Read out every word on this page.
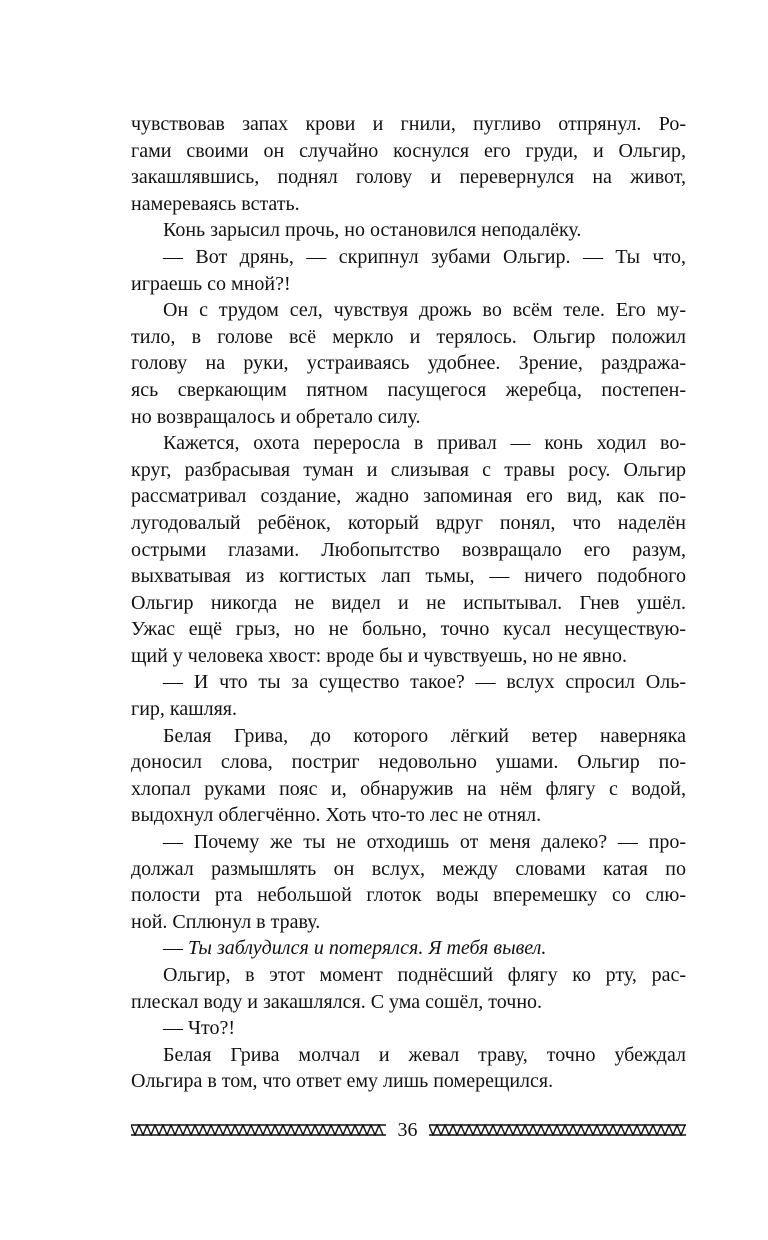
чувствовав запах крови и гнили, пугливо отпрянул. Ро-
гами своими он случайно коснулся его груди, и Ольгир,
закашлявшись, поднял голову и перевернулся на живот,
намереваясь встать.
Конь зарысил прочь, но остановился неподалёку.
— Вот дрянь, — скрипнул зубами Ольгир. — Ты что,
играешь со мной?!
Он с трудом сел, чувствуя дрожь во всём теле. Его му-
тило, в голове всё меркло и терялось. Ольгир положил
голову на руки, устраиваясь удобнее. Зрение, раздража-
ясь сверкающим пятном пасущегося жеребца, постепен-
но возвращалось и обретало силу.
Кажется, охота переросла в привал — конь ходил во-
круг, разбрасывая туман и слизывая с травы росу. Ольгир
рассматривал создание, жадно запоминая его вид, как по-
лугодовалый ребёнок, который вдруг понял, что наделён
острыми глазами. Любопытство возвращало его разум,
выхватывая из когтистых лап тьмы, — ничего подобного
Ольгир никогда не видел и не испытывал. Гнев ушёл.
Ужас ещё грыз, но не больно, точно кусал несуществую-
щий у человека хвост: вроде бы и чувствуешь, но не явно.
— И что ты за существо такое? — вслух спросил Оль-
гир, кашляя.
Белая Грива, до которого лёгкий ветер наверняка
доносил слова, постриг недовольно ушами. Ольгир по-
хлопал руками пояс и, обнаружив на нём флягу с водой,
выдохнул облегчённо. Хоть что-то лес не отнял.
— Почему же ты не отходишь от меня далеко? — про-
должал размышлять он вслух, между словами катая по
полости рта небольшой глоток воды вперемешку со слю-
ной. Сплюнул в траву.
— Ты заблудился и потерялся. Я тебя вывел.
Ольгир, в этот момент поднёсший флягу ко рту, рас-
плескал воду и закашлялся. С ума сошёл, точно.
— Что?!
Белая Грива молчал и жевал траву, точно убеждал
Ольгира в том, что ответ ему лишь померещился.
36
